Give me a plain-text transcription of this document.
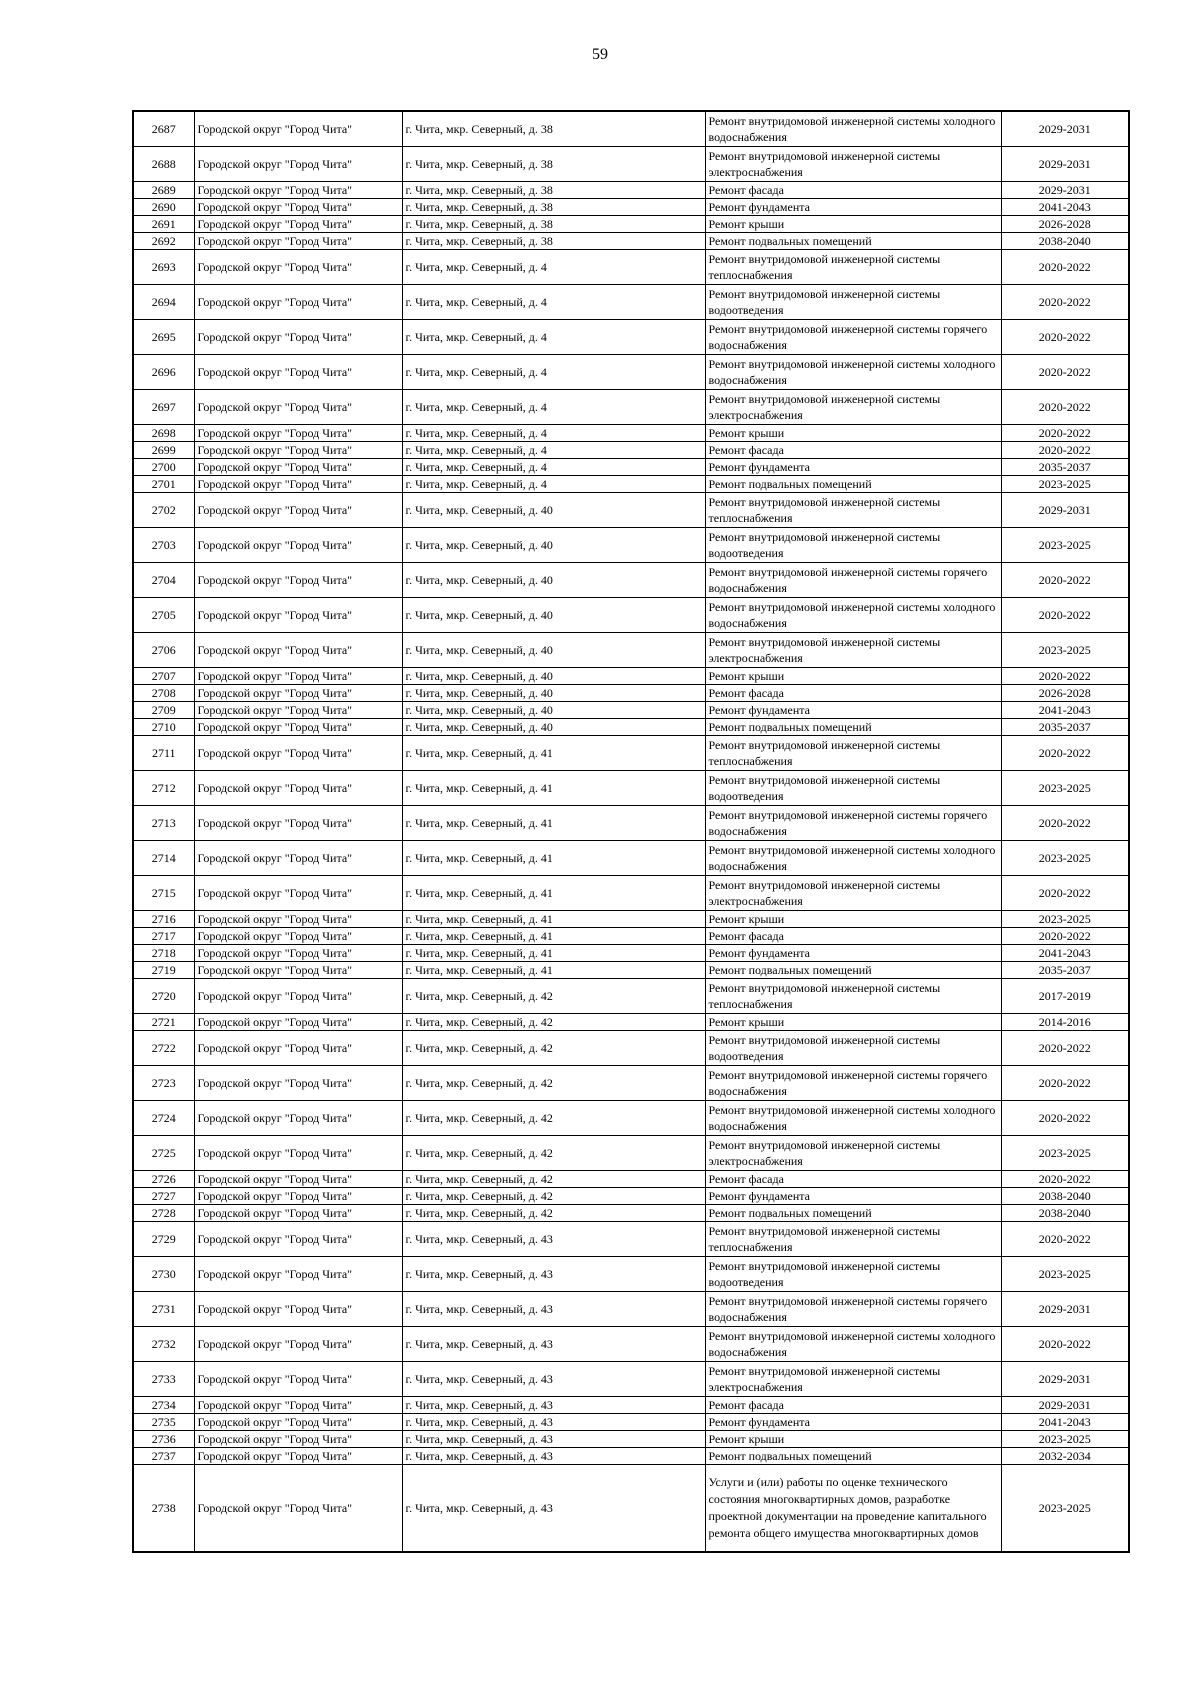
59
2687	Городской округ "Город Чита"	г. Чита, мкр. Северный, д. 38	Ремонт внутридомовой инженерной системы холодного водоснабжения	2029-2031
2688	Городской округ "Город Чита"	г. Чита, мкр. Северный, д. 38	Ремонт внутридомовой инженерной системы электроснабжения	2029-2031
2689	Городской округ "Город Чита"	г. Чита, мкр. Северный, д. 38	Ремонт фасада	2029-2031
2690	Городской округ "Город Чита"	г. Чита, мкр. Северный, д. 38	Ремонт фундамента	2041-2043
2691	Городской округ "Город Чита"	г. Чита, мкр. Северный, д. 38	Ремонт крыши	2026-2028
2692	Городской округ "Город Чита"	г. Чита, мкр. Северный, д. 38	Ремонт подвальных помещений	2038-2040
2693	Городской округ "Город Чита"	г. Чита, мкр. Северный, д. 4	Ремонт внутридомовой инженерной системы теплоснабжения	2020-2022
2694	Городской округ "Город Чита"	г. Чита, мкр. Северный, д. 4	Ремонт внутридомовой инженерной системы водоотведения	2020-2022
2695	Городской округ "Город Чита"	г. Чита, мкр. Северный, д. 4	Ремонт внутридомовой инженерной системы горячего водоснабжения	2020-2022
2696	Городской округ "Город Чита"	г. Чита, мкр. Северный, д. 4	Ремонт внутридомовой инженерной системы холодного водоснабжения	2020-2022
2697	Городской округ "Город Чита"	г. Чита, мкр. Северный, д. 4	Ремонт внутридомовой инженерной системы электроснабжения	2020-2022
2698	Городской округ "Город Чита"	г. Чита, мкр. Северный, д. 4	Ремонт крыши	2020-2022
2699	Городской округ "Город Чита"	г. Чита, мкр. Северный, д. 4	Ремонт фасада	2020-2022
2700	Городской округ "Город Чита"	г. Чита, мкр. Северный, д. 4	Ремонт фундамента	2035-2037
2701	Городской округ "Город Чита"	г. Чита, мкр. Северный, д. 4	Ремонт подвальных помещений	2023-2025
2702	Городской округ "Город Чита"	г. Чита, мкр. Северный, д. 40	Ремонт внутридомовой инженерной системы теплоснабжения	2029-2031
2703	Городской округ "Город Чита"	г. Чита, мкр. Северный, д. 40	Ремонт внутридомовой инженерной системы водоотведения	2023-2025
2704	Городской округ "Город Чита"	г. Чита, мкр. Северный, д. 40	Ремонт внутридомовой инженерной системы горячего водоснабжения	2020-2022
2705	Городской округ "Город Чита"	г. Чита, мкр. Северный, д. 40	Ремонт внутридомовой инженерной системы холодного водоснабжения	2020-2022
2706	Городской округ "Город Чита"	г. Чита, мкр. Северный, д. 40	Ремонт внутридомовой инженерной системы электроснабжения	2023-2025
2707	Городской округ "Город Чита"	г. Чита, мкр. Северный, д. 40	Ремонт крыши	2020-2022
2708	Городской округ "Город Чита"	г. Чита, мкр. Северный, д. 40	Ремонт фасада	2026-2028
2709	Городской округ "Город Чита"	г. Чита, мкр. Северный, д. 40	Ремонт фундамента	2041-2043
2710	Городской округ "Город Чита"	г. Чита, мкр. Северный, д. 40	Ремонт подвальных помещений	2035-2037
2711	Городской округ "Город Чита"	г. Чита, мкр. Северный, д. 41	Ремонт внутридомовой инженерной системы теплоснабжения	2020-2022
2712	Городской округ "Город Чита"	г. Чита, мкр. Северный, д. 41	Ремонт внутридомовой инженерной системы водоотведения	2023-2025
2713	Городской округ "Город Чита"	г. Чита, мкр. Северный, д. 41	Ремонт внутридомовой инженерной системы горячего водоснабжения	2020-2022
2714	Городской округ "Город Чита"	г. Чита, мкр. Северный, д. 41	Ремонт внутридомовой инженерной системы холодного водоснабжения	2023-2025
2715	Городской округ "Город Чита"	г. Чита, мкр. Северный, д. 41	Ремонт внутридомовой инженерной системы электроснабжения	2020-2022
2716	Городской округ "Город Чита"	г. Чита, мкр. Северный, д. 41	Ремонт крыши	2023-2025
2717	Городской округ "Город Чита"	г. Чита, мкр. Северный, д. 41	Ремонт фасада	2020-2022
2718	Городской округ "Город Чита"	г. Чита, мкр. Северный, д. 41	Ремонт фундамента	2041-2043
2719	Городской округ "Город Чита"	г. Чита, мкр. Северный, д. 41	Ремонт подвальных помещений	2035-2037
2720	Городской округ "Город Чита"	г. Чита, мкр. Северный, д. 42	Ремонт внутридомовой инженерной системы теплоснабжения	2017-2019
2721	Городской округ "Город Чита"	г. Чита, мкр. Северный, д. 42	Ремонт крыши	2014-2016
2722	Городской округ "Город Чита"	г. Чита, мкр. Северный, д. 42	Ремонт внутридомовой инженерной системы водоотведения	2020-2022
2723	Городской округ "Город Чита"	г. Чита, мкр. Северный, д. 42	Ремонт внутридомовой инженерной системы горячего водоснабжения	2020-2022
2724	Городской округ "Город Чита"	г. Чита, мкр. Северный, д. 42	Ремонт внутридомовой инженерной системы холодного водоснабжения	2020-2022
2725	Городской округ "Город Чита"	г. Чита, мкр. Северный, д. 42	Ремонт внутридомовой инженерной системы электроснабжения	2023-2025
2726	Городской округ "Город Чита"	г. Чита, мкр. Северный, д. 42	Ремонт фасада	2020-2022
2727	Городской округ "Город Чита"	г. Чита, мкр. Северный, д. 42	Ремонт фундамента	2038-2040
2728	Городской округ "Город Чита"	г. Чита, мкр. Северный, д. 42	Ремонт подвальных помещений	2038-2040
2729	Городской округ "Город Чита"	г. Чита, мкр. Северный, д. 43	Ремонт внутридомовой инженерной системы теплоснабжения	2020-2022
2730	Городской округ "Город Чита"	г. Чита, мкр. Северный, д. 43	Ремонт внутридомовой инженерной системы водоотведения	2023-2025
2731	Городской округ "Город Чита"	г. Чита, мкр. Северный, д. 43	Ремонт внутридомовой инженерной системы горячего водоснабжения	2029-2031
2732	Городской округ "Город Чита"	г. Чита, мкр. Северный, д. 43	Ремонт внутридомовой инженерной системы холодного водоснабжения	2020-2022
2733	Городской округ "Город Чита"	г. Чита, мкр. Северный, д. 43	Ремонт внутридомовой инженерной системы электроснабжения	2029-2031
2734	Городской округ "Город Чита"	г. Чита, мкр. Северный, д. 43	Ремонт фасада	2029-2031
2735	Городской округ "Город Чита"	г. Чита, мкр. Северный, д. 43	Ремонт фундамента	2041-2043
2736	Городской округ "Город Чита"	г. Чита, мкр. Северный, д. 43	Ремонт крыши	2023-2025
2737	Городской округ "Город Чита"	г. Чита, мкр. Северный, д. 43	Ремонт подвальных помещений	2032-2034
2738	Городской округ "Город Чита"	г. Чита, мкр. Северный, д. 43	Услуги и (или) работы по оценке технического состояния многоквартирных домов, разработке проектной документации на проведение капитального ремонта общего имущества многоквартирных домов	2023-2025
